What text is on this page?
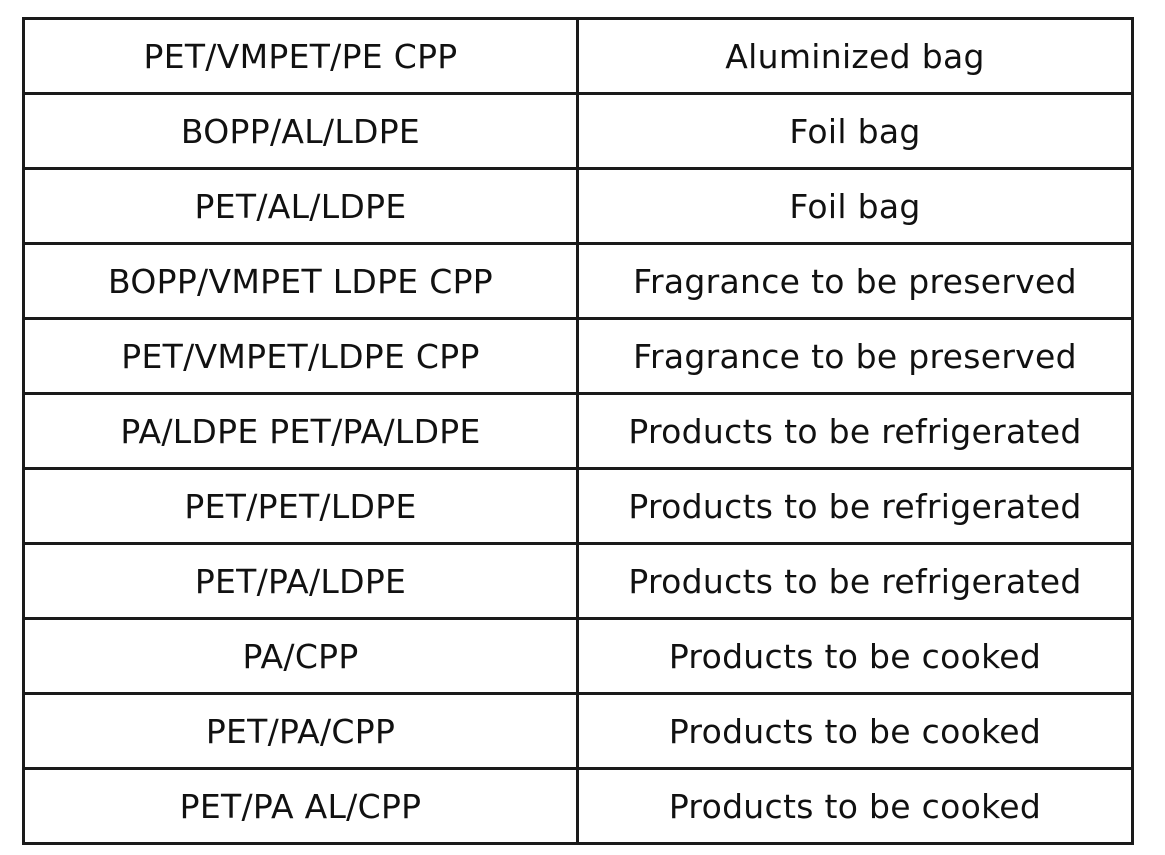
PET/VMPET/PE CPP	Aluminized bag
BOPP/AL/LDPE	Foil bag
PET/AL/LDPE	Foil bag
BOPP/VMPET LDPE CPP	Fragrance to be preserved
PET/VMPET/LDPE CPP	Fragrance to be preserved
PA/LDPE PET/PA/LDPE	Products to be refrigerated
PET/PET/LDPE	Products to be refrigerated
PET/PA/LDPE	Products to be refrigerated
PA/CPP	Products to be cooked
PET/PA/CPP	Products to be cooked
PET/PA AL/CPP	Products to be cooked
